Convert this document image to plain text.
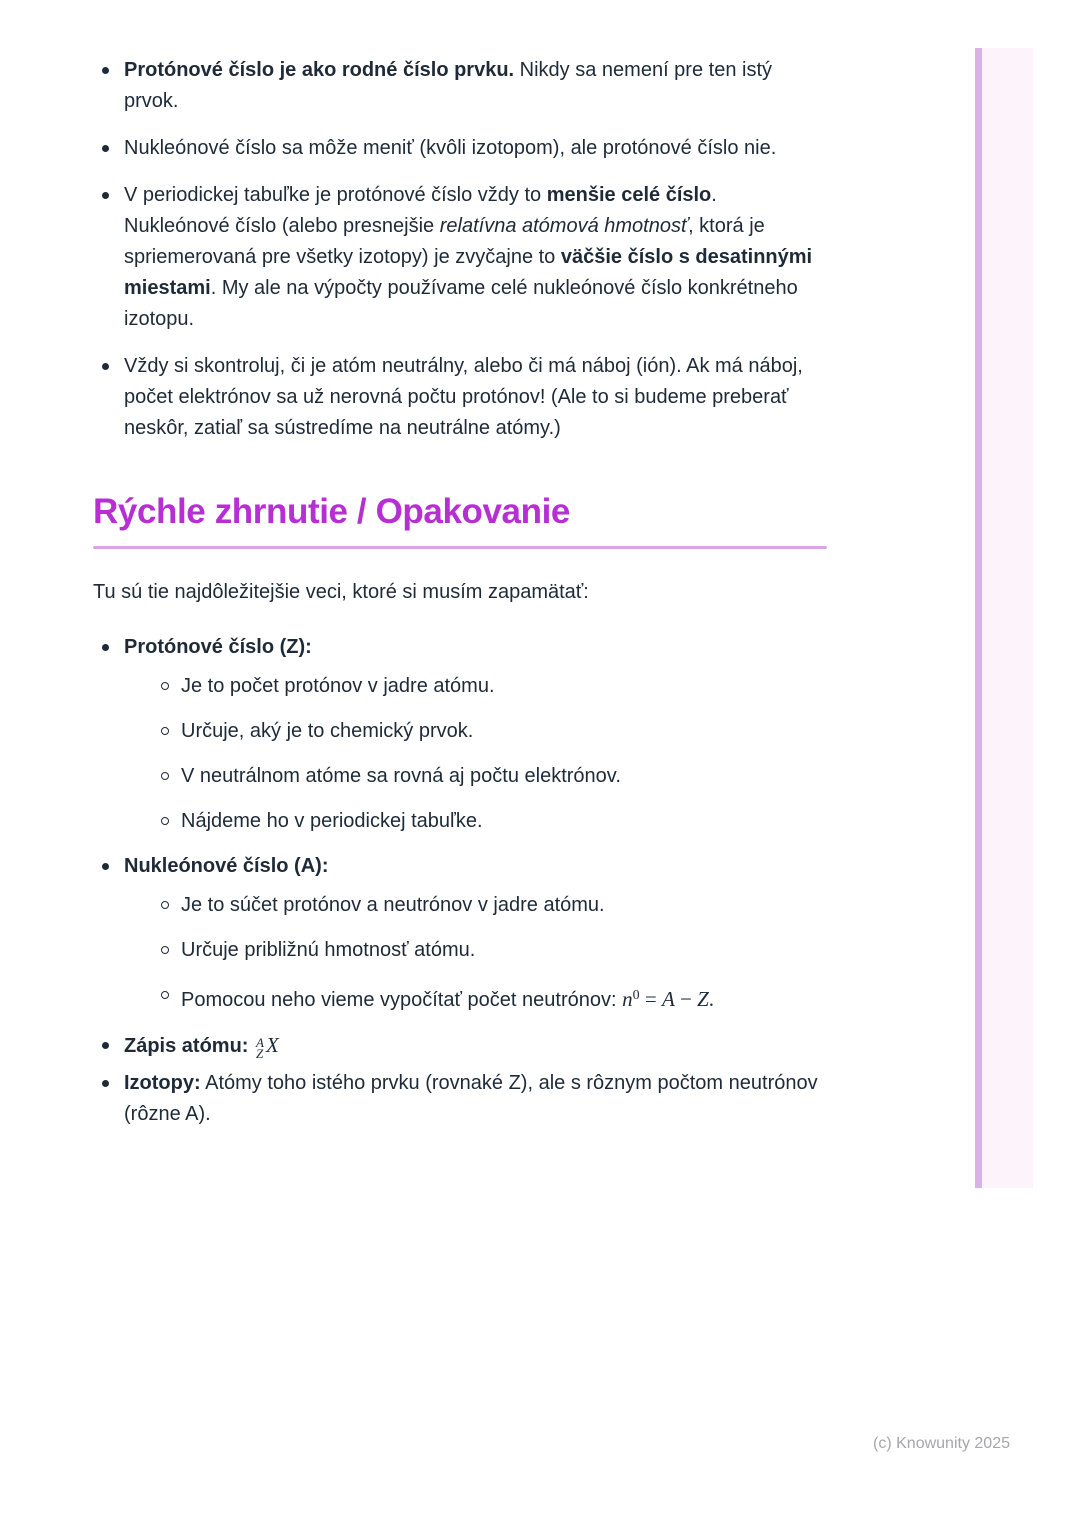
Protónové číslo je ako rodné číslo prvku. Nikdy sa nemení pre ten istý prvok.
Nukleónové číslo sa môže meniť (kvôli izotopom), ale protónové číslo nie.
V periodickej tabuľke je protónové číslo vždy to menšie celé číslo. Nukleónové číslo (alebo presnejšie relatívna atómová hmotnosť, ktorá je spriemerovaná pre všetky izotopy) je zvyčajne to väčšie číslo s desatinnými miestami. My ale na výpočty používame celé nukleónové číslo konkrétneho izotopu.
Vždy si skontroluj, či je atóm neutrálny, alebo či má náboj (ión). Ak má náboj, počet elektrónov sa už nerovná počtu protónov! (Ale to si budeme preberať neskôr, zatiaľ sa sústredíme na neutrálne atómy.)
Rýchle zhrnutie / Opakovanie

Tu sú tie najdôležitejšie veci, ktoré si musím zapamätať:

Protónové číslo (Z):
Je to počet protónov v jadre atómu.
Určuje, aký je to chemický prvok.
V neutrálnom atóme sa rovná aj počtu elektrónov.
Nájdeme ho v periodickej tabuľke.
Nukleónové číslo (A):
Je to súčet protónov a neutrónov v jadre atómu.
Určuje približnú hmotnosť atómu.
Pomocou neho vieme vypočítať počet neutrónov: $n^0 = A - Z$.
Zápis atómu: A
Z X
Izotopy: Atómy toho istého prvku (rovnaké Z), ale s rôznym počtom neutrónov (rôzne A).
(c) Knowunity 2025
